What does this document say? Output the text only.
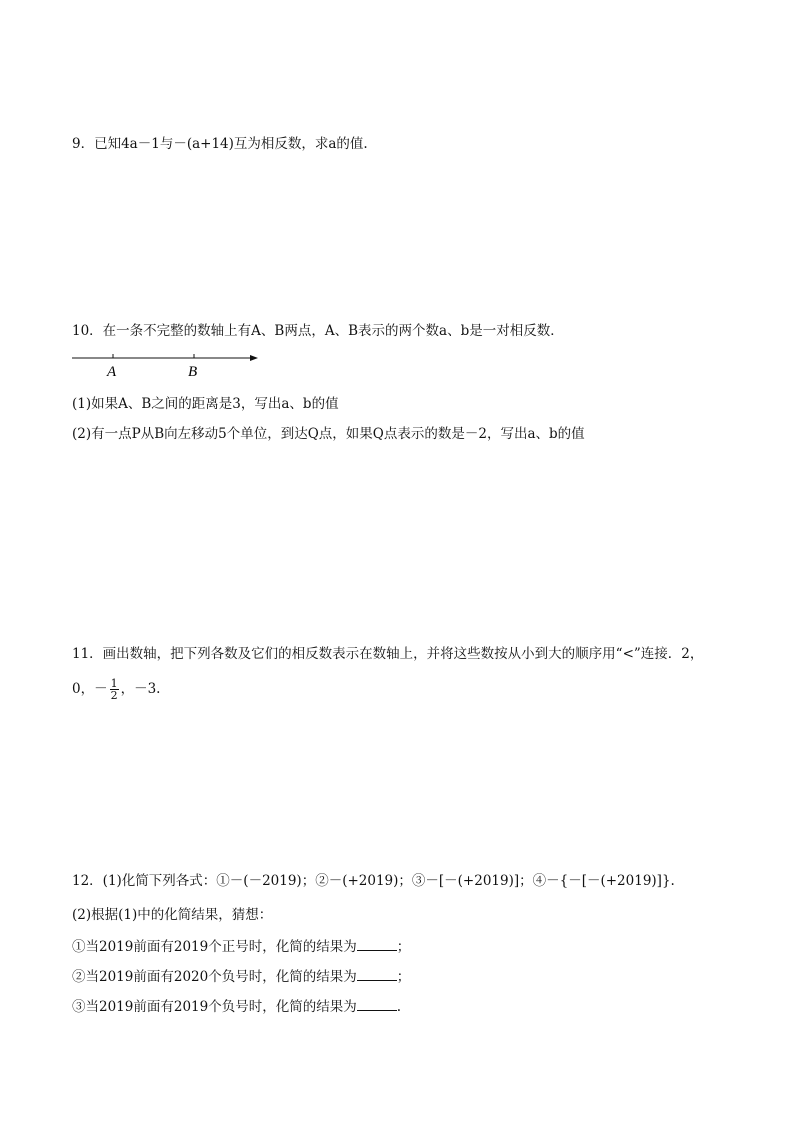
9．已知4a－1与－(a+14)互为相反数，求a的值.
10．在一条不完整的数轴上有A、B两点，A、B表示的两个数a、b是一对相反数．
A	B
(1)如果A、B之间的距离是3，写出a、b的值
(2)有一点P从B向左移动5个单位，到达Q点，如果Q点表示的数是－2，写出a、b的值
11．画出数轴，把下列各数及它们的相反数表示在数轴上，并将这些数按从小到大的顺序用“<”连接．2，
0，－ $\frac{1}{2}$ ，－3.
12．(1)化简下列各式：①－(－2019)；②－(+2019)；③－[－(+2019)]；④－{－[－(+2019)]}.
(2)根据(1)中的化简结果，猜想：
①当2019前面有2019个正号时，化简的结果为	；
②当2019前面有2020个负号时，化简的结果为	；
③当2019前面有2019个负号时，化简的结果为	.
